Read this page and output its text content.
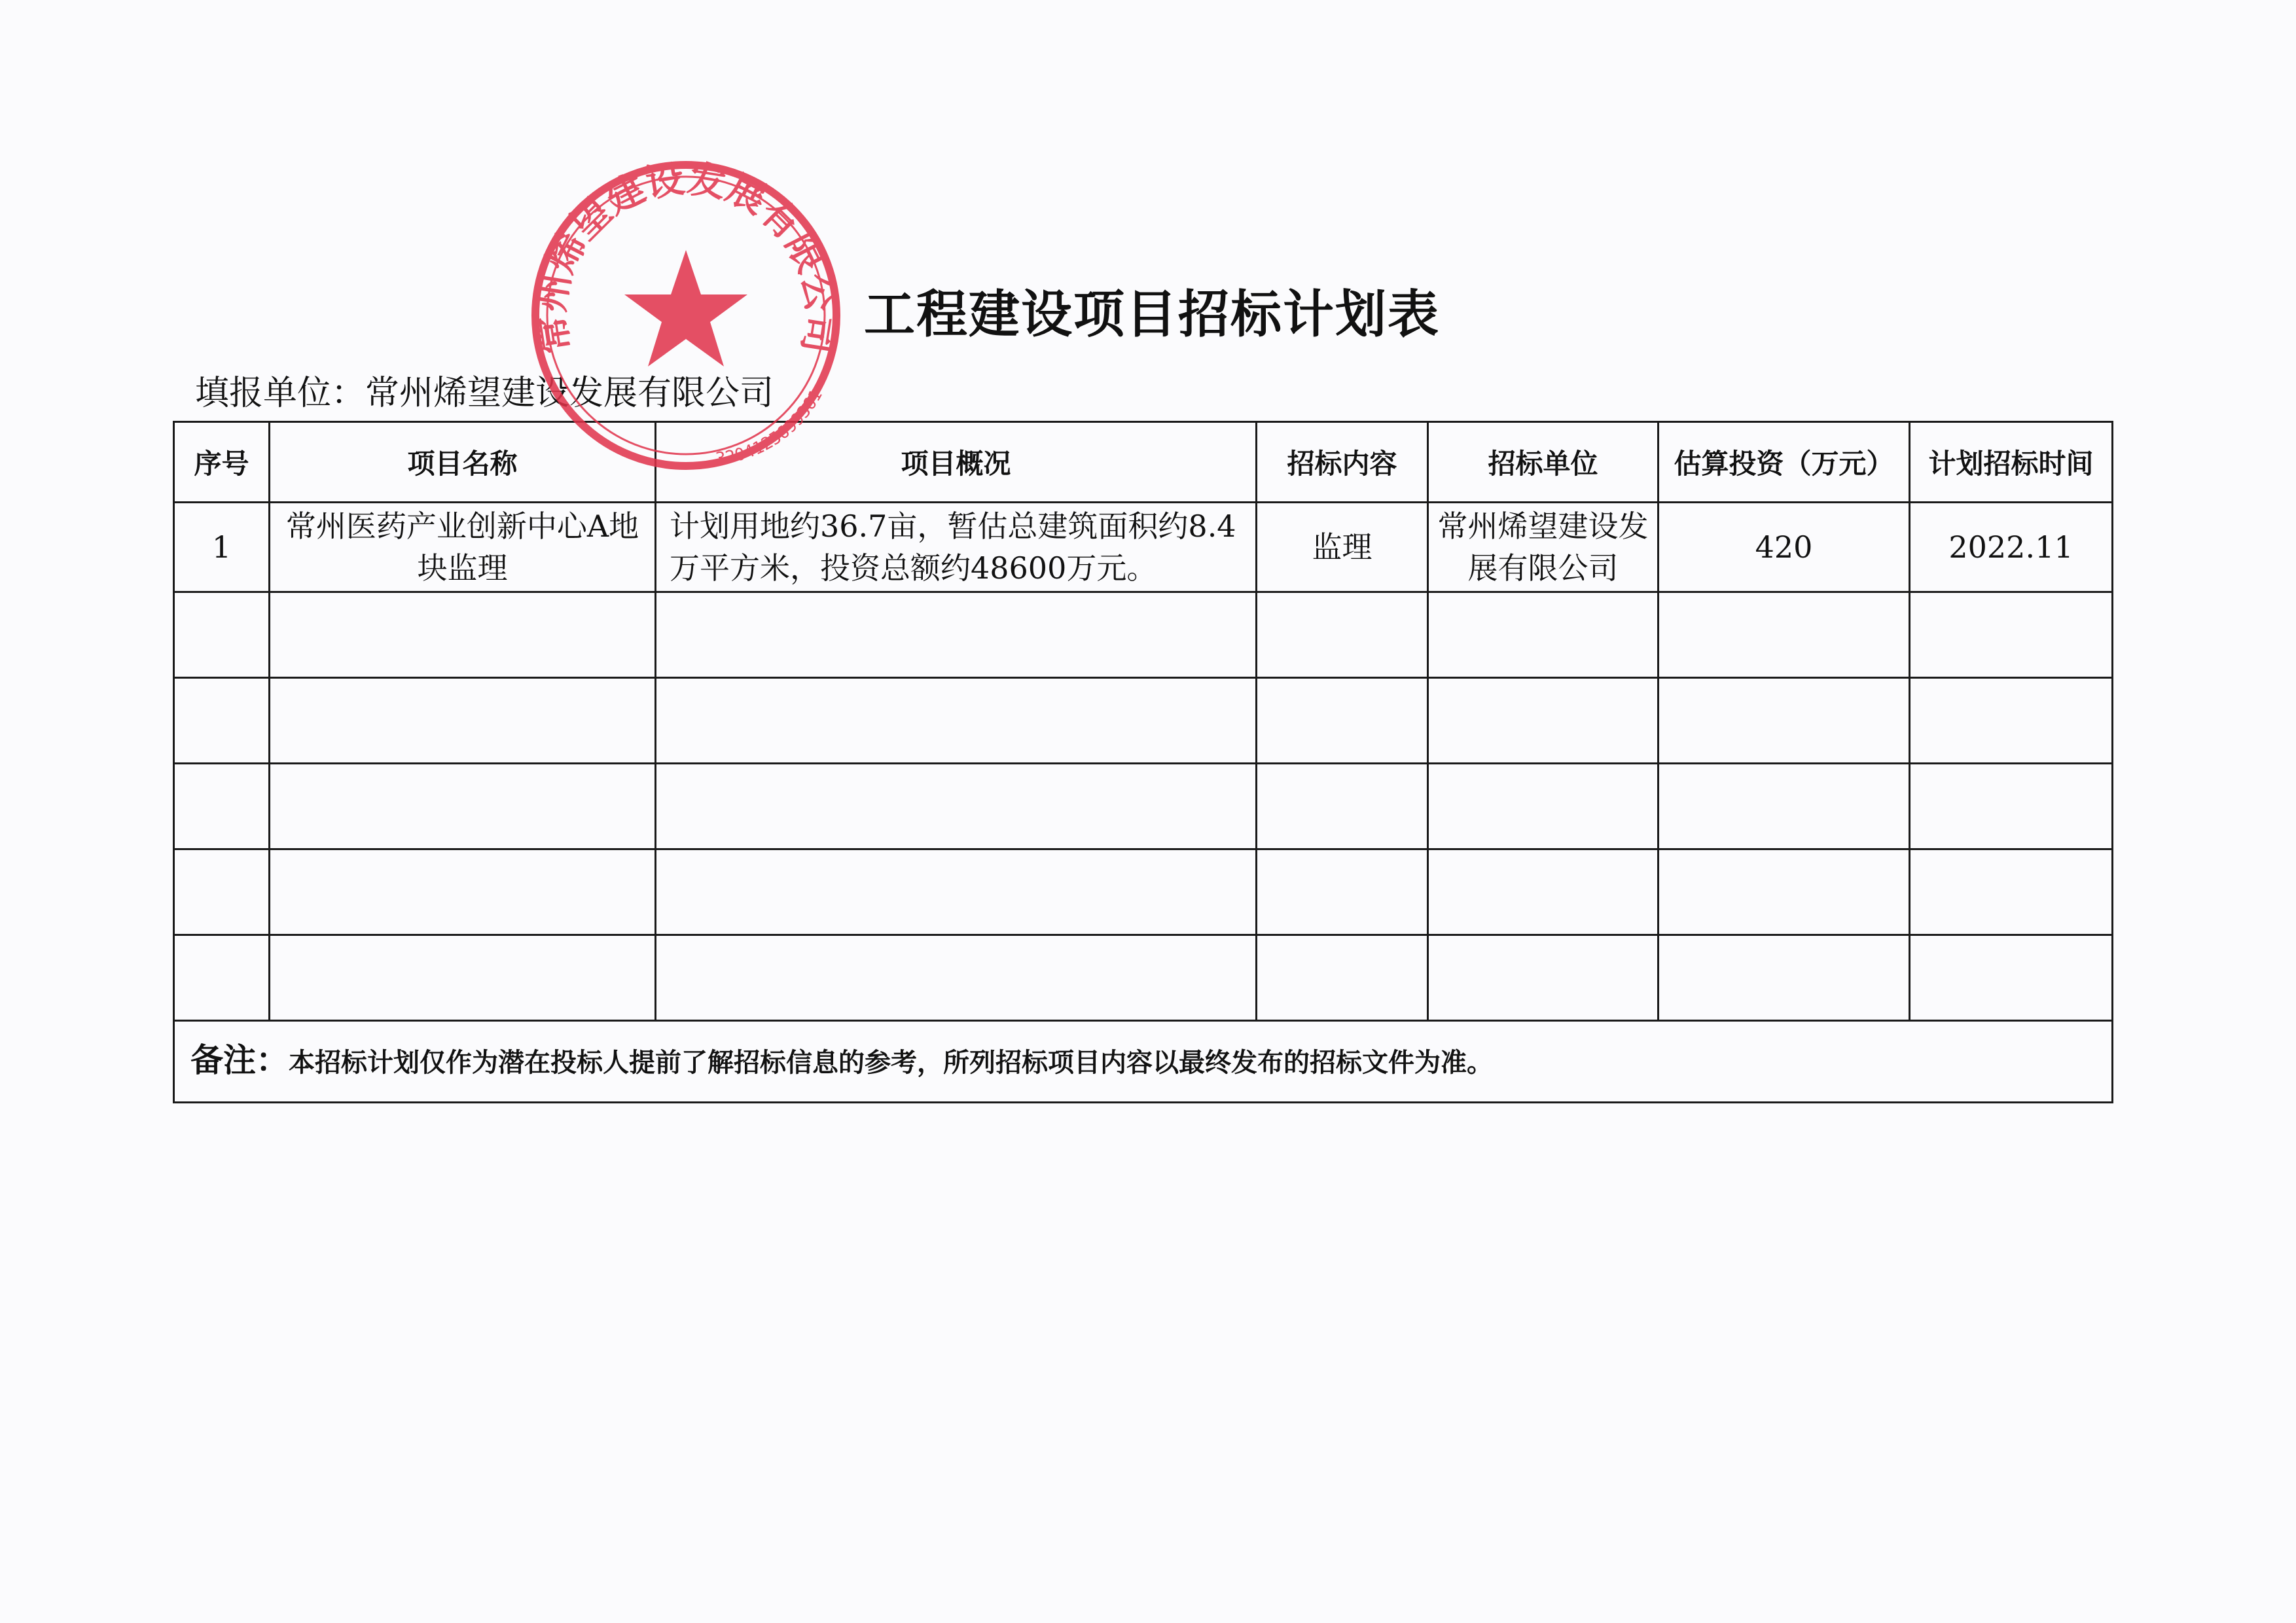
工程建设项目招标计划表
填报单位：常州烯望建设发展有限公司
序号	项目名称	项目概况	招标内容	招标单位	估算投资（万元）	计划招标时间
1	常州医药产业创新中心A地块监理	计划用地约36.7亩，暂估总建筑面积约8.4万平方米，投资总额约48600万元。	监理	常州烯望建设发展有限公司	420	2022.11

备注：本招标计划仅作为潜在投标人提前了解招标信息的参考，所列招标项目内容以最终发布的招标文件为准。						
常州烯望建设发展有限公司
3204125699361
